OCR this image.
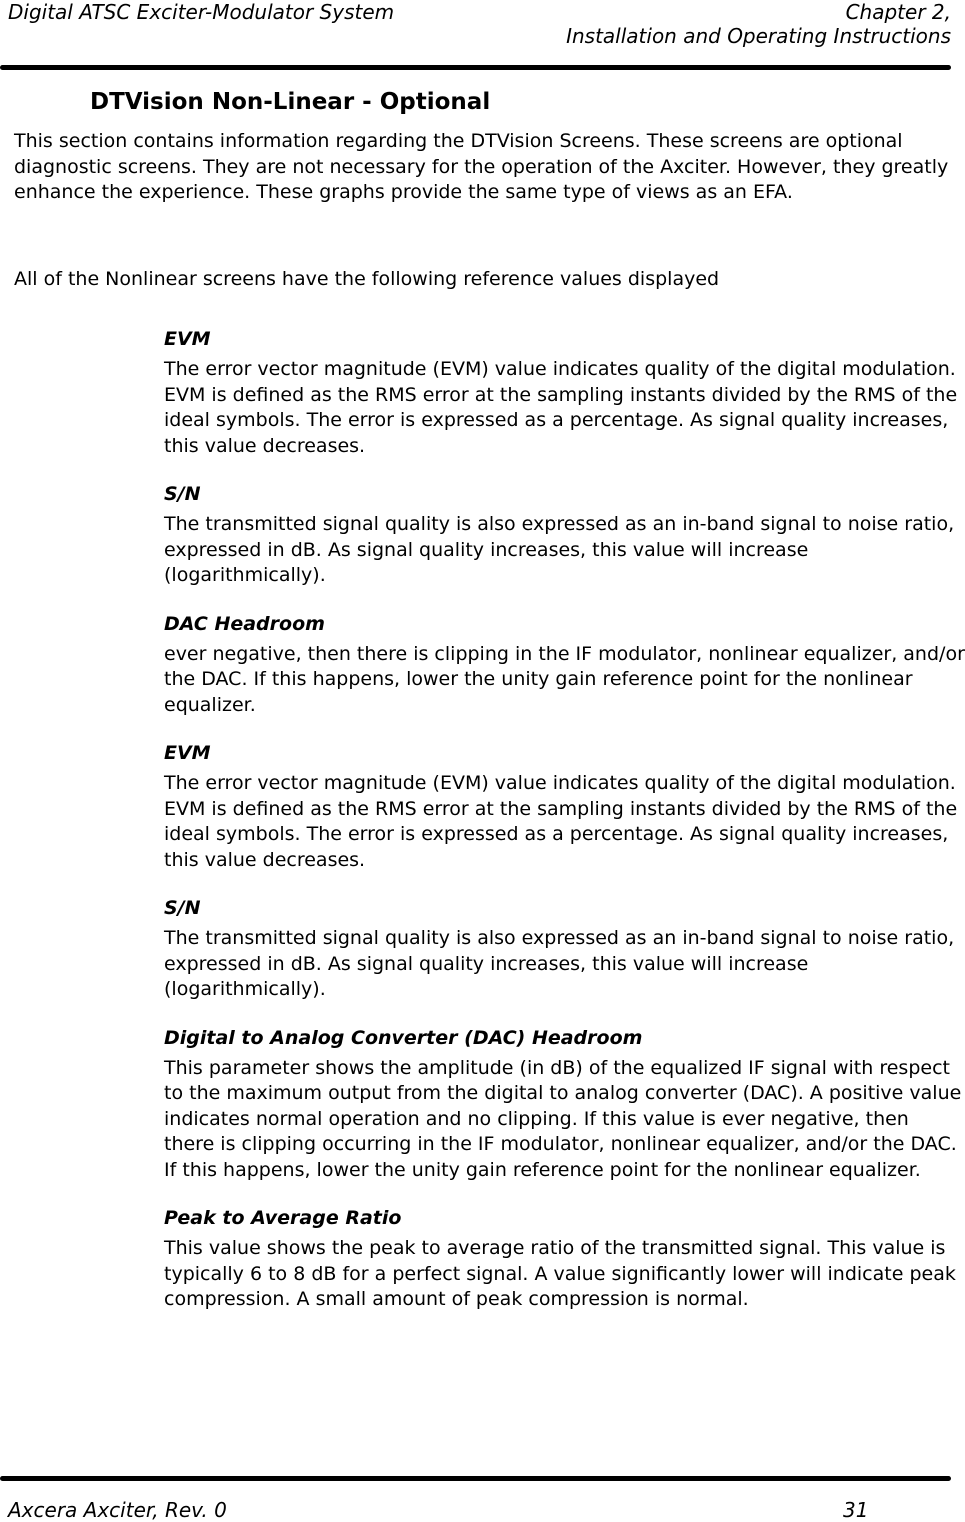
Digital ATSC Exciter-Modulator System	Chapter 2,
Installation and Operating Instructions
DTVision Non-Linear - Optional

This section contains information regarding the DTVision Screens. These screens are optional diagnostic screens. They are not necessary for the operation of the Axciter. However, they greatly enhance the experience. These graphs provide the same type of views as an EFA.

All of the Nonlinear screens have the following reference values displayed

EVM

The error vector magnitude (EVM) value indicates quality of the digital modulation. EVM is defined as the RMS error at the sampling instants divided by the RMS of the ideal symbols. The error is expressed as a percentage. As signal quality increases, this value decreases.

S/N

The transmitted signal quality is also expressed as an in-band signal to noise ratio, expressed in dB. As signal quality increases, this value will increase (logarithmically).

DAC Headroom

ever negative, then there is clipping in the IF modulator, nonlinear equalizer, and/or the DAC. If this happens, lower the unity gain reference point for the nonlinear equalizer.

EVM

The error vector magnitude (EVM) value indicates quality of the digital modulation. EVM is defined as the RMS error at the sampling instants divided by the RMS of the ideal symbols. The error is expressed as a percentage. As signal quality increases, this value decreases.

S/N

The transmitted signal quality is also expressed as an in-band signal to noise ratio, expressed in dB. As signal quality increases, this value will increase (logarithmically).

Digital to Analog Converter (DAC) Headroom

This parameter shows the amplitude (in dB) of the equalized IF signal with respect to the maximum output from the digital to analog converter (DAC). A positive value indicates normal operation and no clipping. If this value is ever negative, then there is clipping occurring in the IF modulator, nonlinear equalizer, and/or the DAC. If this happens, lower the unity gain reference point for the nonlinear equalizer.

Peak to Average Ratio

This value shows the peak to average ratio of the transmitted signal. This value is typically 6 to 8 dB for a perfect signal. A value significantly lower will indicate peak compression. A small amount of peak compression is normal.

Axcera Axciter, Rev. 0	31
